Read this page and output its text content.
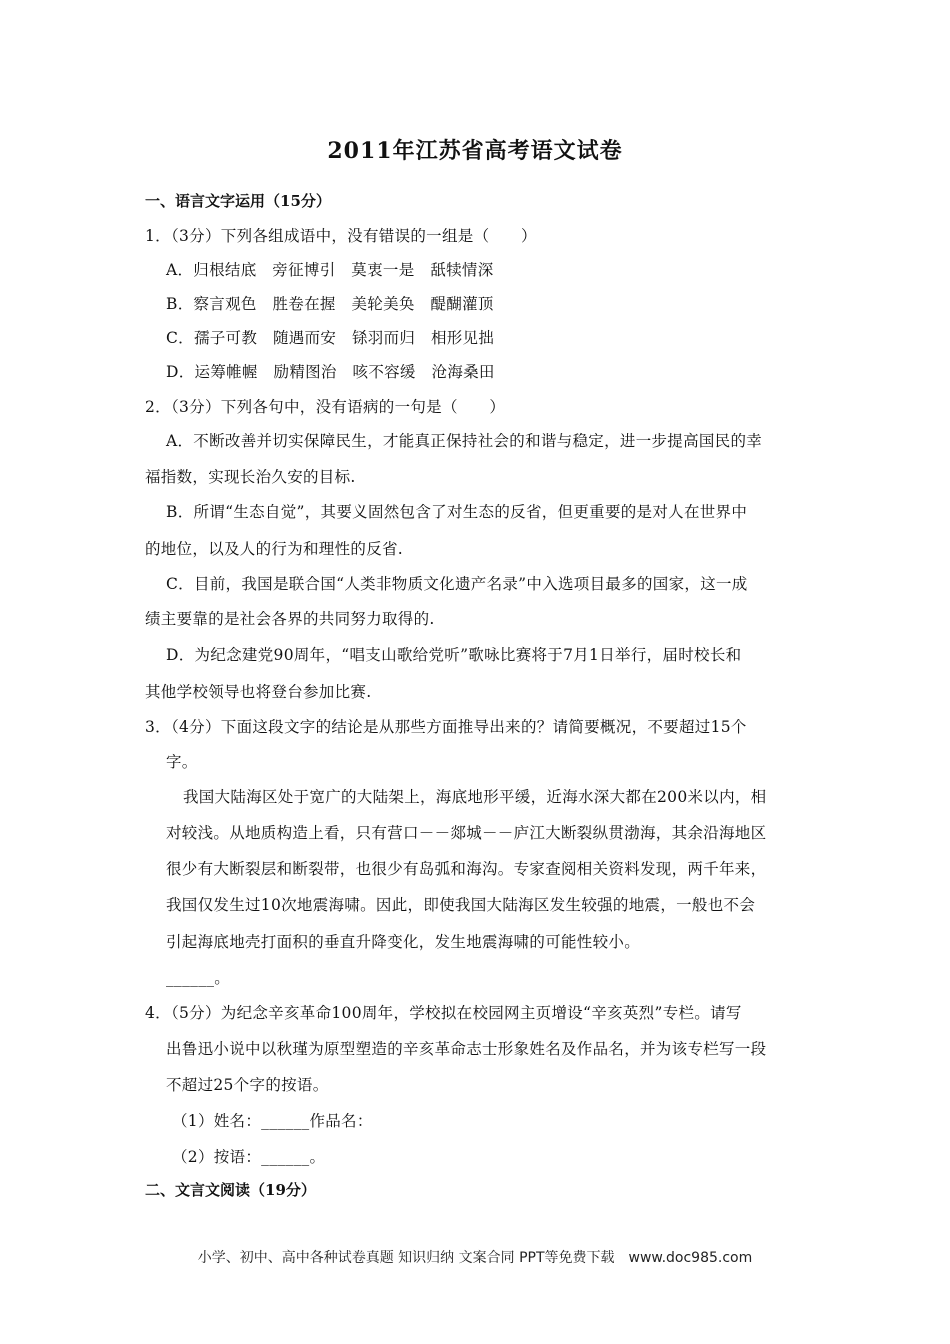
2011年江苏省高考语文试卷
一、语言文字运用（15分）
1．（3分）下列各组成语中，没有错误的一组是（　　）
A．归根结底　旁征博引　莫衷一是　舐犊情深
B．察言观色　胜卷在握　美轮美奂　醍醐灌顶
C．孺子可教　随遇而安　铩羽而归　相形见拙
D．运筹帷幄　励精图治　咳不容缓　沧海桑田
2．（3分）下列各句中，没有语病的一句是（　　）
A．不断改善并切实保障民生，才能真正保持社会的和谐与稳定，进一步提高国民的幸
福指数，实现长治久安的目标.
B．所谓“生态自觉”，其要义固然包含了对生态的反省，但更重要的是对人在世界中
的地位，以及人的行为和理性的反省.
C．目前，我国是联合国“人类非物质文化遗产名录”中入选项目最多的国家，这一成
绩主要靠的是社会各界的共同努力取得的.
D．为纪念建党90周年，“唱支山歌给党听”歌咏比赛将于7月1日举行，届时校长和
其他学校领导也将登台参加比赛.
3．（4分）下面这段文字的结论是从那些方面推导出来的？请简要概况，不要超过15个
字。
我国大陆海区处于宽广的大陆架上，海底地形平缓，近海水深大都在200米以内，相
对较浅。从地质构造上看，只有营口－－郯城－－庐江大断裂纵贯渤海，其余沿海地区
很少有大断裂层和断裂带，也很少有岛弧和海沟。专家查阅相关资料发现，两千年来，
我国仅发生过10次地震海啸。因此，即使我国大陆海区发生较强的地震，一般也不会
引起海底地壳打面积的垂直升降变化，发生地震海啸的可能性较小。
______。
4．（5分）为纪念辛亥革命100周年，学校拟在校园网主页增设“辛亥英烈”专栏。请写
出鲁迅小说中以秋瑾为原型塑造的辛亥革命志士形象姓名及作品名，并为该专栏写一段
不超过25个字的按语。
（1）姓名：______作品名：
（2）按语：______。
二、文言文阅读（19分）
小学、初中、高中各种试卷真题 知识归纳 文案合同 PPT等免费下载　www.doc985.com
